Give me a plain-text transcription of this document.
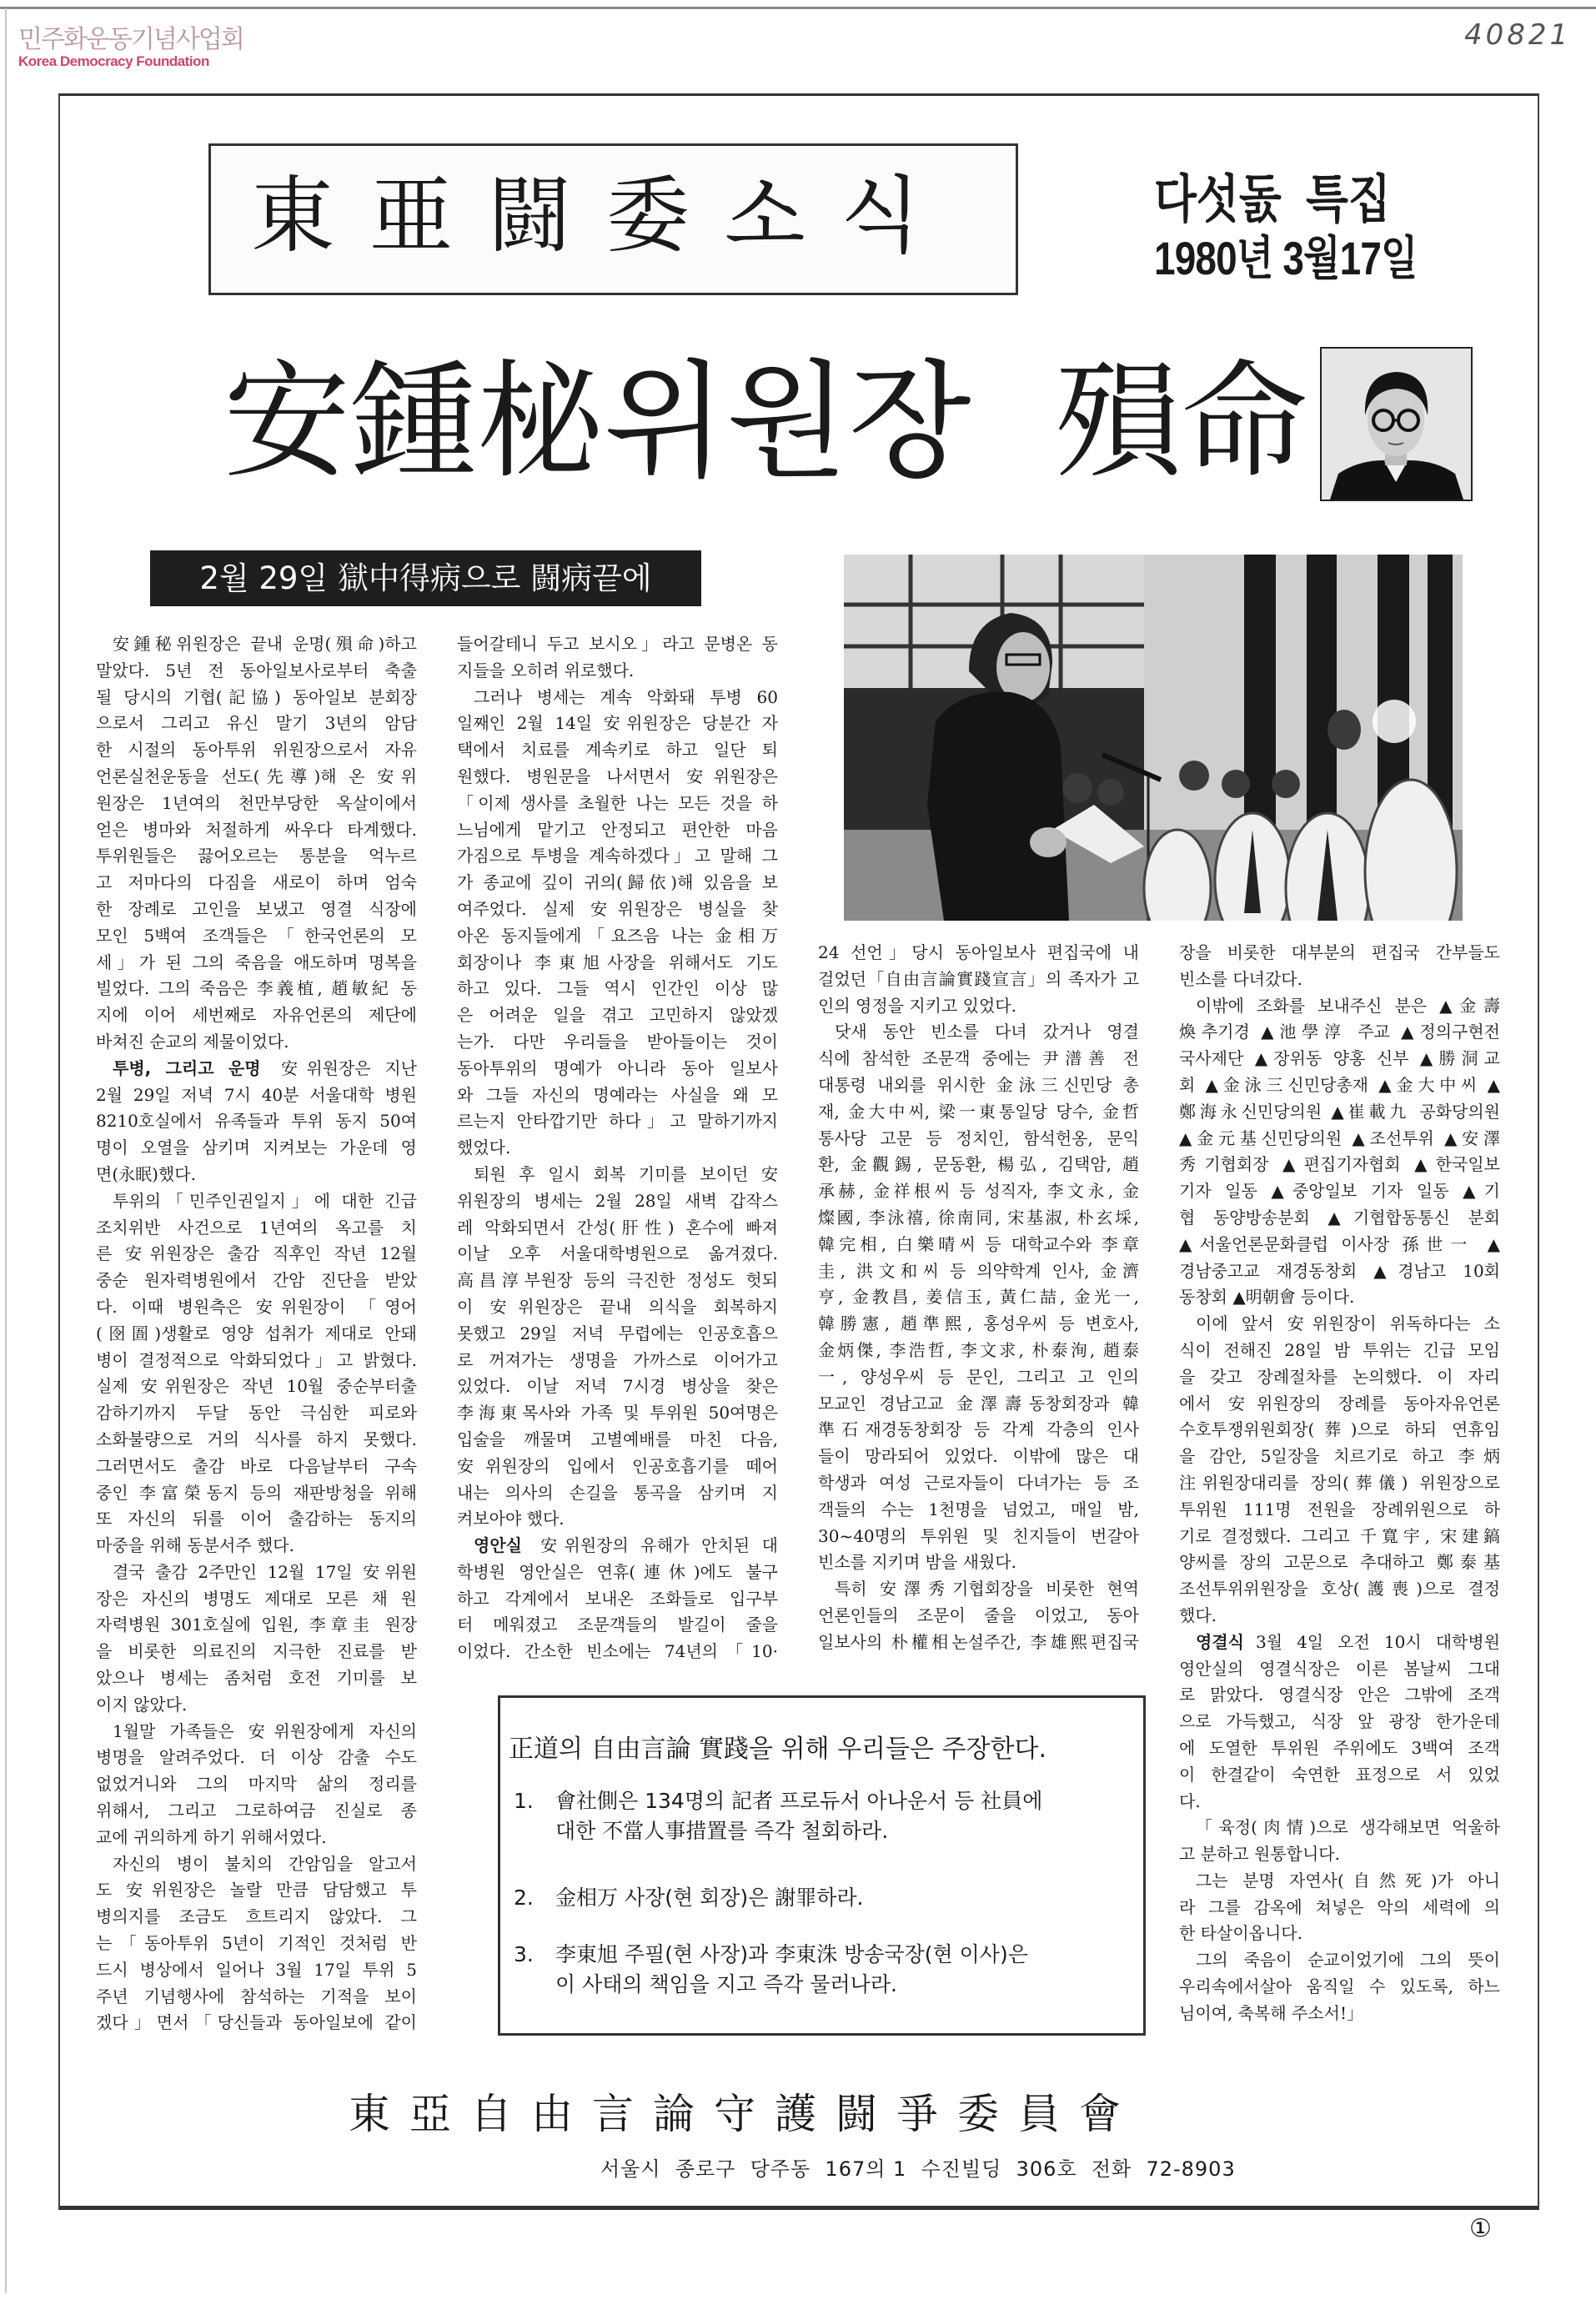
민주화운동기념사업회
Korea Democracy Foundation
40821
東亜闘委소식	다섯돐  특집
1980년 3월17일
安鍾柲위원장 殞命
2월 29일 獄中得病으로 闘病끝에
安鍾秘위원장은 끝내 운명(殞命)하고
말았다. 5년 전 동아일보사로부터 축출
될 당시의 기협(記協) 동아일보 분회장
으로서 그리고 유신 말기 3년의 암담
한 시절의 동아투위 위원장으로서 자유
언론실천운동을 선도(先導)해 온 安위
원장은 1년여의 천만부당한 옥살이에서
얻은 병마와 처절하게 싸우다 타계했다.
투위원들은 끓어오르는 통분을 억누르
고 저마다의 다짐을 새로이 하며 엄숙
한 장례로 고인을 보냈고 영결 식장에
모인 5백여 조객들은「한국언론의 모
세」가 된 그의 죽음을 애도하며 명복을
빌었다. 그의 죽음은 李義植, 趙敏紀 동
지에 이어 세번째로 자유언론의 제단에
바쳐진 순교의 제물이었다.
투병, 그리고 운명 安위원장은 지난
2월 29일 저녁 7시 40분 서울대학 병원
8210호실에서 유족들과 투위 동지 50여
명이 오열을 삼키며 지켜보는 가운데 영
면(永眠)했다.
투위의「민주인권일지」에 대한 긴급
조치위반 사건으로 1년여의 옥고를 치
른 安위원장은 출감 직후인 작년 12월
중순 원자력병원에서 간암 진단을 받았
다. 이때 병원측은 安위원장이 「영어
(囹圄)생활로 영양 섭취가 제대로 안돼
병이 결정적으로 악화되었다」고 밝혔다.
실제 安위원장은 작년 10월 중순부터출
감하기까지 두달 동안 극심한 피로와
소화불량으로 거의 식사를 하지 못했다.
그러면서도 출감 바로 다음날부터 구속
중인 李富榮동지 등의 재판방청을 위해
또 자신의 뒤를 이어 출감하는 동지의
마중을 위해 동분서주 했다.
결국 출감 2주만인 12월 17일 安위원
장은 자신의 병명도 제대로 모른 채 원
자력병원 301호실에 입원, 李章圭 원장
을 비롯한 의료진의 지극한 진료를 받
았으나 병세는 좀처럼 호전 기미를 보
이지 않았다.
1월말 가족들은 安위원장에게 자신의
병명을 알려주었다. 더 이상 감출 수도
없었거니와 그의 마지막 삶의 정리를
위해서, 그리고 그로하여금 진실로 종
교에 귀의하게 하기 위해서였다.
자신의 병이 불치의 간암임을 알고서
도 安위원장은 놀랄 만큼 담담했고 투
병의지를 조금도 흐트리지 않았다. 그
는「동아투위 5년이 기적인 것처럼 반
드시 병상에서 일어나 3월 17일 투위 5
주년 기념행사에 참석하는 기적을 보이
겠다」면서「당신들과 동아일보에 같이
들어갈테니 두고 보시오」라고 문병온 동
지들을 오히려 위로했다.
그러나 병세는 계속 악화돼 투병 60
일째인 2월 14일 安위원장은 당분간 자
택에서 치료를 계속키로 하고 일단 퇴
원했다. 병원문을 나서면서 安위원장은
「이제 생사를 초월한 나는 모든 것을 하
느님에게 맡기고 안정되고 편안한 마음
가짐으로 투병을 계속하겠다」고 말해 그
가 종교에 깊이 귀의(歸依)해 있음을 보
여주었다. 실제 安위원장은 병실을 찾
아온 동지들에게「요즈음 나는 金相万
회장이나 李東旭사장을 위해서도 기도
하고 있다. 그들 역시 인간인 이상 많
은 어려운 일을 겪고 고민하지 않았겠
는가. 다만 우리들을 받아들이는 것이
동아투위의 명예가 아니라 동아 일보사
와 그들 자신의 명예라는 사실을 왜 모
르는지 안타깝기만 하다」고 말하기까지
했었다.
퇴원 후 일시 회복 기미를 보이던 安
위원장의 병세는 2월 28일 새벽 갑작스
레 악화되면서 간성(肝性) 혼수에 빠져
이날 오후 서울대학병원으로 옮겨졌다.
高昌淳부원장 등의 극진한 정성도 헛되
이 安위원장은 끝내 의식을 회복하지
못했고 29일 저녁 무렵에는 인공호흡으
로 꺼져가는 생명을 가까스로 이어가고
있었다. 이날 저녁 7시경 병상을 찾은
李海東목사와 가족 및 투위원 50여명은
입술을 깨물며 고별예배를 마친 다음,
安위원장의 입에서 인공호흡기를 떼어
내는 의사의 손길을 통곡을 삼키며 지
켜보아야 했다.
영안실 安위원장의 유해가 안치된 대
학병원 영안실은 연휴(連休)에도 불구
하고 각계에서 보내온 조화들로 입구부
터 메워졌고 조문객들의 발길이 줄을
이었다. 간소한 빈소에는 74년의「10·
24 선언」당시 동아일보사 편집국에 내
걸었던「自由言論實踐宣言」의 족자가 고
인의 영정을 지키고 있었다.
닷새 동안 빈소를 다녀 갔거나 영결
식에 참석한 조문객 중에는 尹潽善 전
대통령 내외를 위시한 金泳三신민당 총
재, 金大中씨, 梁一東통일당 당수, 金哲
통사당 고문 등 정치인, 함석헌옹, 문익
환, 金觀錫, 문동환, 楊弘, 김택암, 趙
承赫, 金祥根씨 등 성직자, 李文永, 金
燦國, 李泳禧, 徐南同, 宋基淑, 朴玄埰,
韓完相, 白樂晴씨 등 대학교수와 李章
圭, 洪文和씨 등 의약학계 인사, 金濟
亨, 金教昌, 姜信玉, 黃仁喆, 金光一,
韓勝憲, 趙準熙, 홍성우씨 등 변호사,
金炳傑, 李浩哲, 李文求, 朴泰洵, 趙泰
一, 양성우씨 등 문인, 그리고 고 인의
모교인 경남고교 金澤壽동창회장과 韓
準石재경동창회장 등 각계 각층의 인사
들이 망라되어 있었다. 이밖에 많은 대
학생과 여성 근로자들이 다녀가는 등 조
객들의 수는 1천명을 넘었고, 매일 밤,
30~40명의 투위원 및 친지들이 번갈아
빈소를 지키며 밤을 새웠다.
특히 安澤秀기협회장을 비롯한 현역
언론인들의 조문이 줄을 이었고, 동아
일보사의 朴權相논설주간, 李雄熙편집국
장을 비롯한 대부분의 편집국 간부들도
빈소를 다녀갔다.
이밖에 조화를 보내주신 분은 ▲金壽
煥추기경 ▲池學淳 주교 ▲정의구현전
국사제단 ▲장위동 양홍 신부 ▲勝洞교
회 ▲金泳三신민당총재 ▲金大中씨 ▲
鄭海永신민당의원 ▲崔載九 공화당의원
▲金元基신민당의원 ▲조선투위 ▲安澤
秀기협회장 ▲편집기자협회 ▲한국일보
기자 일동 ▲중앙일보 기자 일동 ▲기
협 동양방송분회 ▲기협합동통신 분회
▲서울언론문화클럽 이사장 孫世一 ▲
경남중고교 재경동창회 ▲경남고 10회
동창회 ▲明朝會 등이다.
이에 앞서 安위원장이 위독하다는 소
식이 전해진 28일 밤 투위는 긴급 모임
을 갖고 장례절차를 논의했다. 이 자리
에서 安위원장의 장례를 동아자유언론
수호투쟁위원회장(葬)으로 하되 연휴임
을 감안, 5일장을 치르기로 하고 李炳
注위원장대리를 장의(葬儀) 위원장으로
투위원 111명 전원을 장례위원으로 하
기로 결정했다. 그리고 千寬宇, 宋建鎬
양씨를 장의 고문으로 추대하고 鄭泰基
조선투위위원장을 호상(護喪)으로 결정
했다.
영결식 3월 4일 오전 10시 대학병원
영안실의 영결식장은 이른 봄날씨 그대
로 맑았다. 영결식장 안은 그밖에 조객
으로 가득했고, 식장 앞 광장 한가운데
에 도열한 투위원 주위에도 3백여 조객
이 한결같이 숙연한 표정으로 서 있었
다.
「육정(肉情)으로 생각해보면 억울하
고 분하고 원통합니다.
그는 분명 자연사(自然死)가 아니
라 그를 감옥에 쳐넣은 악의 세력에 의
한 타살이옵니다.
그의 죽음이 순교이었기에 그의 뜻이
우리속에서살아 움직일 수 있도록, 하느
님이여, 축복해 주소서!」
正道의 自由言論 實踐을 위해 우리들은 주장한다.
1. 會社側은 134명의 記者 프로듀서 아나운서 등 社員에
대한 不當人事措置를 즉각 철회하라.
2. 金相万 사장(현 회장)은 謝罪하라.
3. 李東旭 주필(현 사장)과 李東洙 방송국장(현 이사)은
이 사태의 책임을 지고 즉각 물러나라.
東亞自由言論守護闘爭委員會
서울시  종로구  당주동  167의 1  수진빌딩  306호  전화  72-8903
①
